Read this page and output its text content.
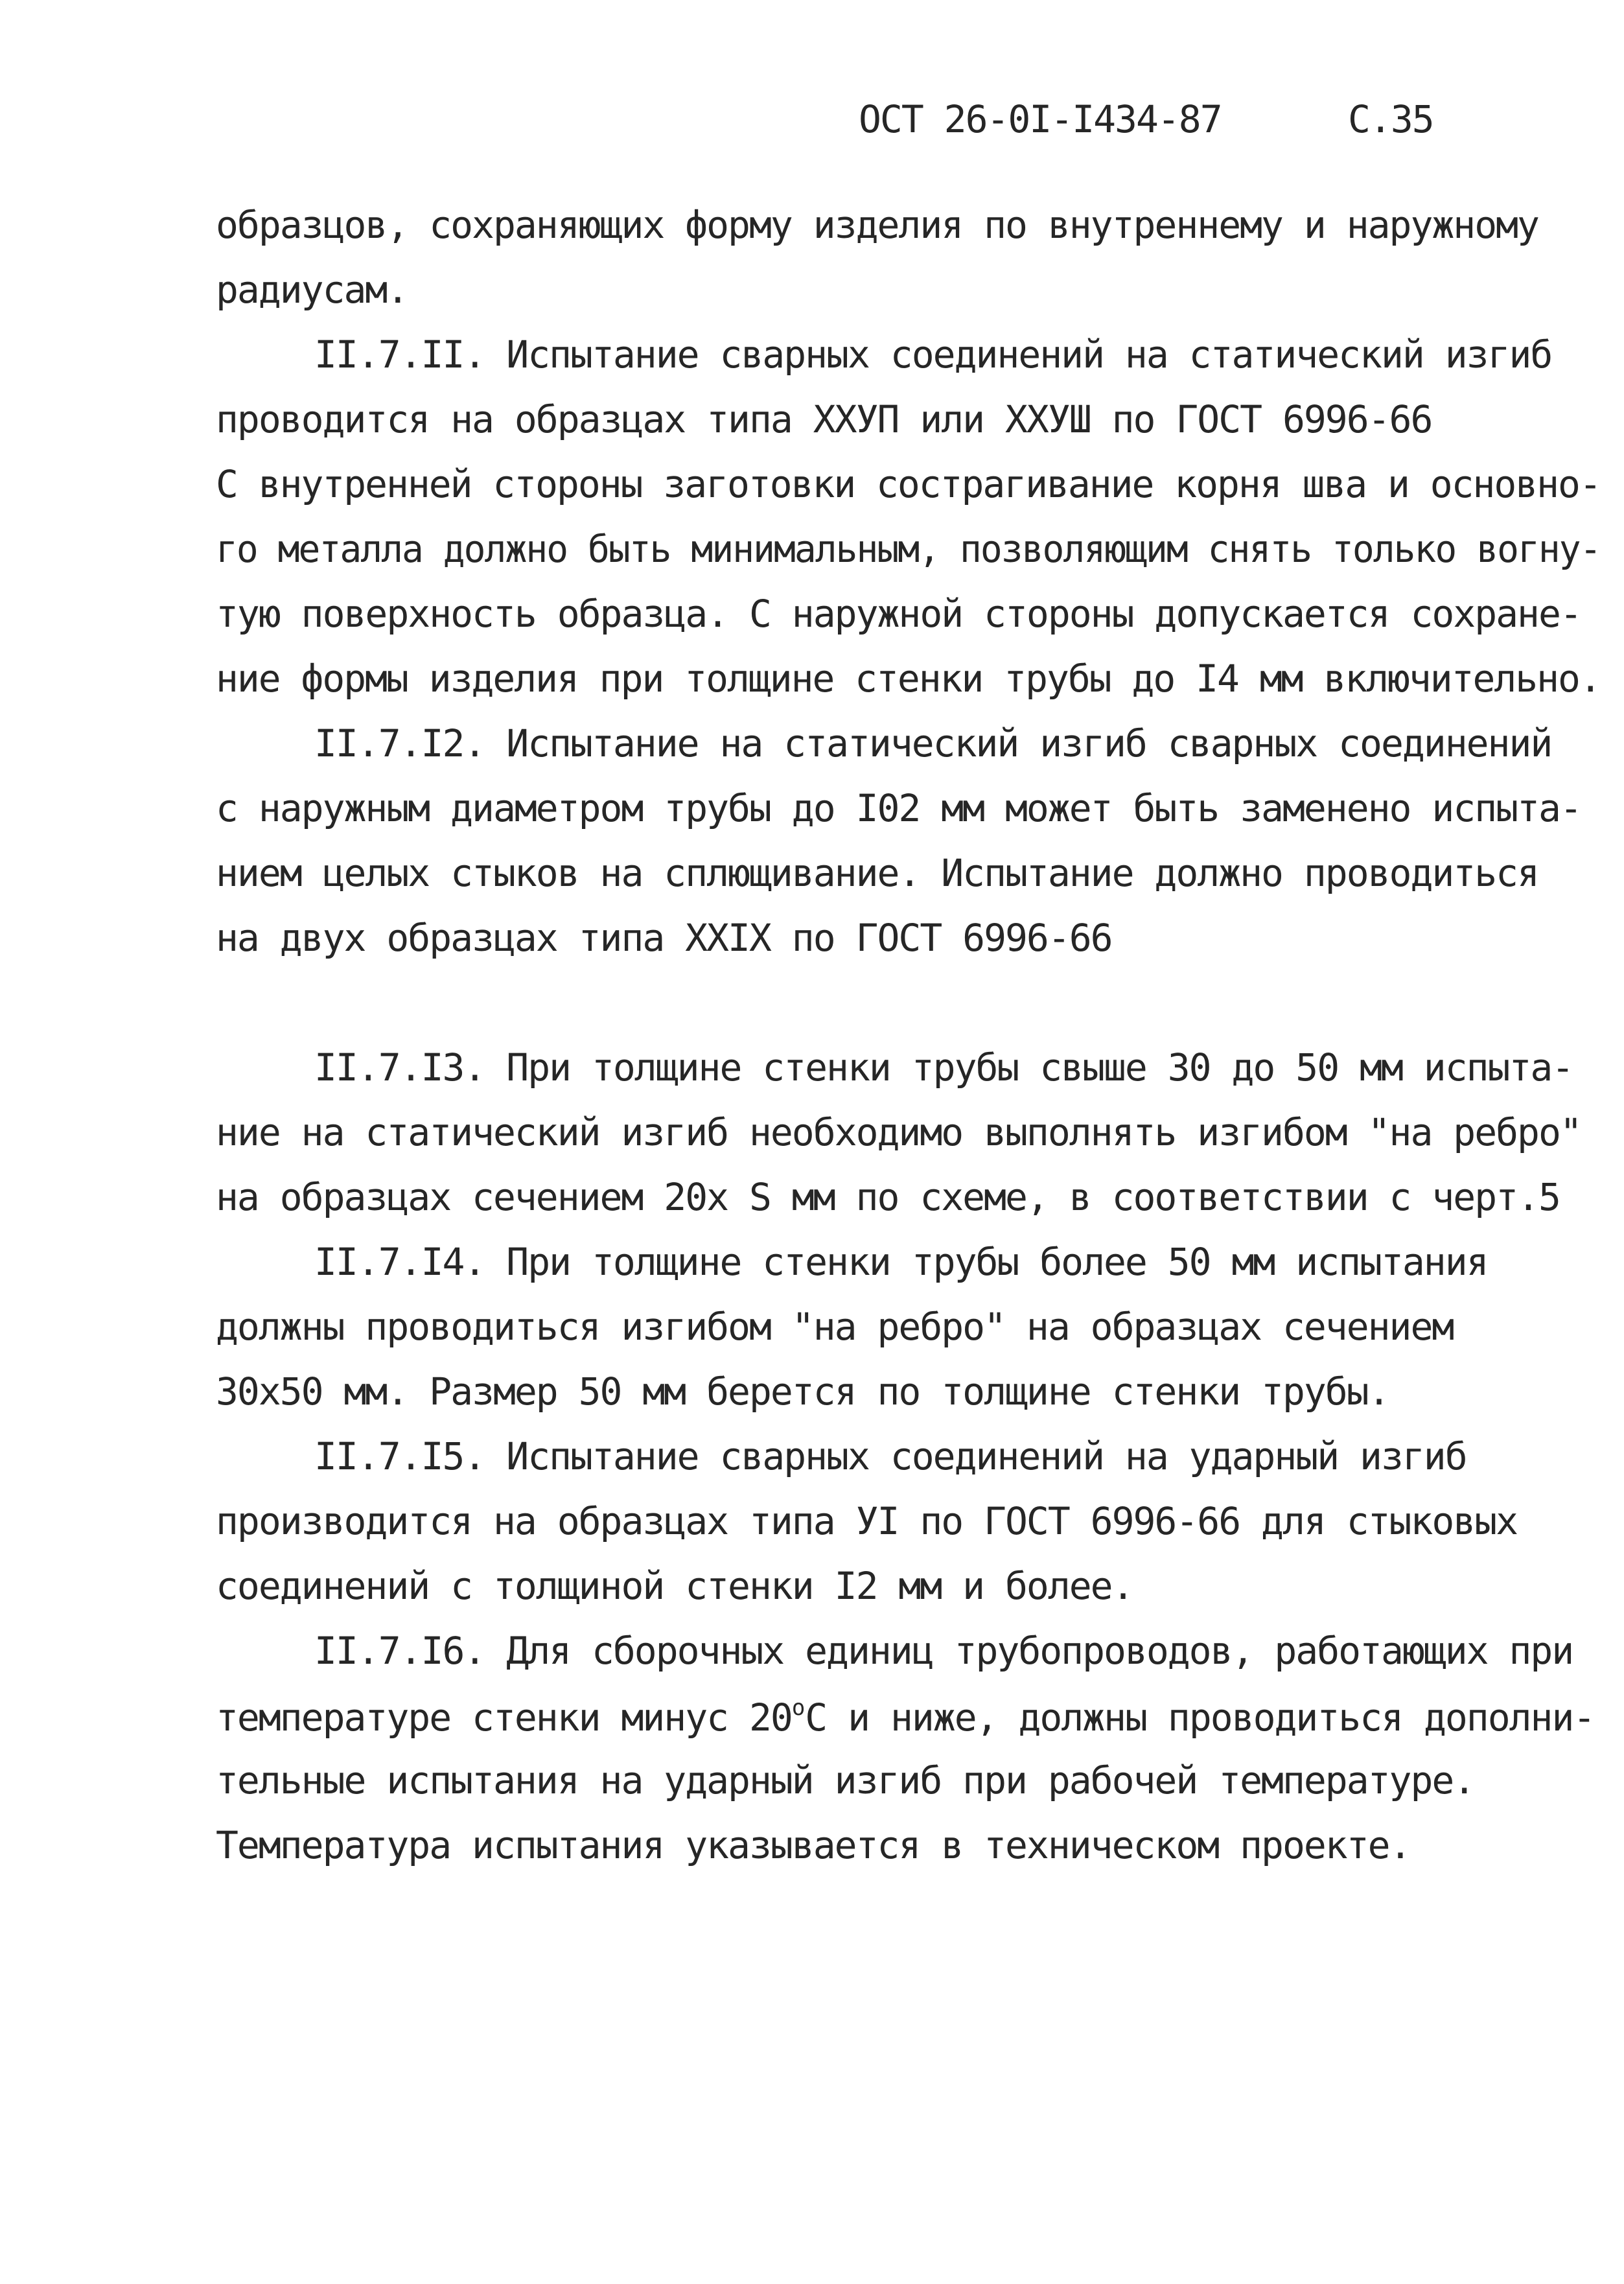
ОСТ 26-0I-I434-87	С.35
образцов, сохраняющих форму изделия по внутреннему и наружному
радиусам.
II.7.II. Испытание сварных соединений на статический изгиб
проводится на образцах типа ХХУП или ХХУШ по ГОСТ 6996-66
С внутренней стороны заготовки сострагивание корня шва и основно-
го металла должно быть минимальным, позволяющим снять только вогну-
тую поверхность образца. С наружной стороны допускается сохране-
ние формы изделия при толщине стенки трубы до I4 мм включительно.
II.7.I2. Испытание на статический изгиб сварных соединений
с наружным диаметром трубы до I02 мм может быть заменено испыта-
нием целых стыков на сплющивание. Испытание должно проводиться
на двух образцах типа XXIX по ГОСТ 6996-66
II.7.I3. При толщине стенки трубы свыше 30 до 50 мм испыта-
ние на статический изгиб необходимо выполнять изгибом "на ребро"
на образцах сечением 20х S мм по схеме, в соответствии с черт.5
II.7.I4. При толщине стенки трубы более 50 мм испытания
должны проводиться изгибом "на ребро" на образцах сечением
30х50 мм. Размер 50 мм берется по толщине стенки трубы.
II.7.I5. Испытание сварных соединений на ударный изгиб
производится на образцах типа УI по ГОСТ 6996-66 для стыковых
соединений с толщиной стенки I2 мм и более.
II.7.I6. Для сборочных единиц трубопроводов, работающих при
температуре стенки минус $20^оС$ и ниже, должны проводиться дополни-
тельные испытания на ударный изгиб при рабочей температуре.
Температура испытания указывается в техническом проекте.
